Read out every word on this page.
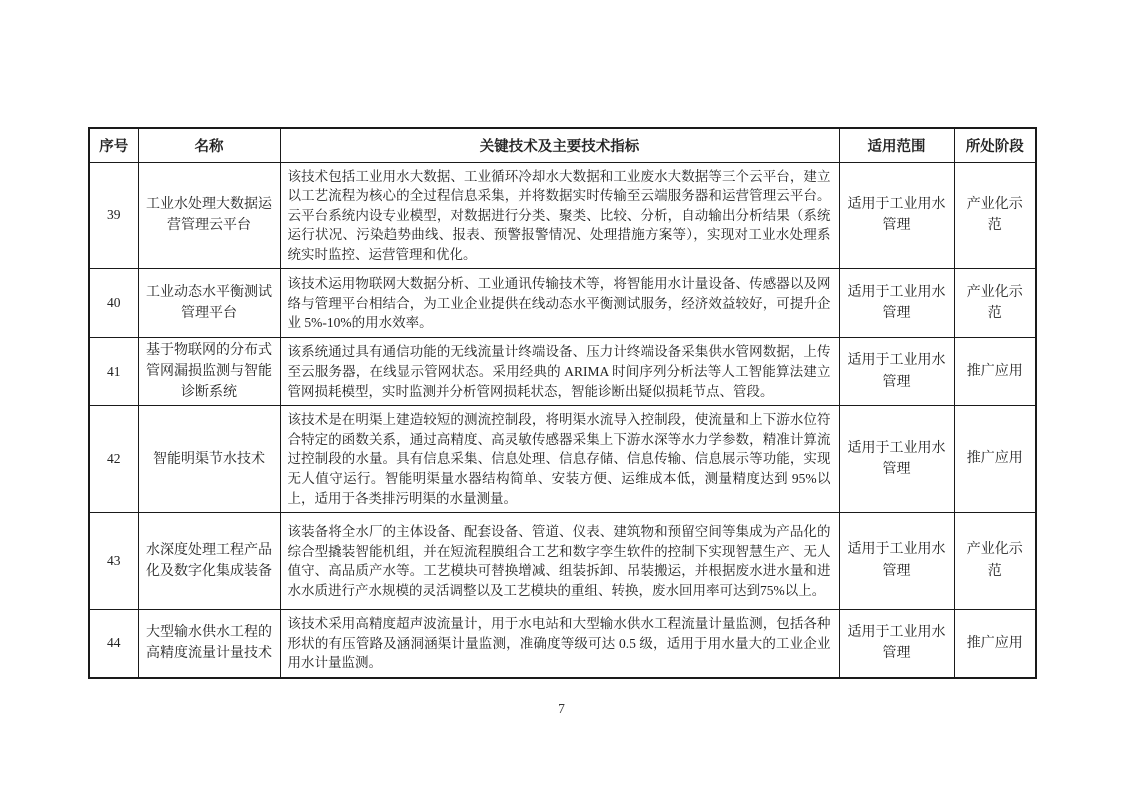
序号	名称	关键技术及主要技术指标	适用范围	所处阶段
39	工业水处理大数据运营管理云平台	该技术包括工业用水大数据、工业循环冷却水大数据和工业废水大数据等三个云平台，建立以工艺流程为核心的全过程信息采集，并将数据实时传输至云端服务器和运营管理云平台。云平台系统内设专业模型，对数据进行分类、聚类、比较、分析，自动输出分析结果（系统运行状况、污染趋势曲线、报表、预警报警情况、处理措施方案等），实现对工业水处理系统实时监控、运营管理和优化。	适用于工业用水管理	产业化示范
40	工业动态水平衡测试管理平台	该技术运用物联网大数据分析、工业通讯传输技术等，将智能用水计量设备、传感器以及网络与管理平台相结合，为工业企业提供在线动态水平衡测试服务，经济效益较好，可提升企业 5%-10%的用水效率。	适用于工业用水管理	产业化示范
41	基于物联网的分布式管网漏损监测与智能诊断系统	该系统通过具有通信功能的无线流量计终端设备、压力计终端设备采集供水管网数据，上传至云服务器，在线显示管网状态。采用经典的 ARIMA 时间序列分析法等人工智能算法建立管网损耗模型，实时监测并分析管网损耗状态，智能诊断出疑似损耗节点、管段。	适用于工业用水管理	推广应用
42	智能明渠节水技术	该技术是在明渠上建造较短的测流控制段，将明渠水流导入控制段，使流量和上下游水位符合特定的函数关系，通过高精度、高灵敏传感器采集上下游水深等水力学参数，精准计算流过控制段的水量。具有信息采集、信息处理、信息存储、信息传输、信息展示等功能，实现无人值守运行。智能明渠量水器结构简单、安装方便、运维成本低，测量精度达到 95%以上，适用于各类排污明渠的水量测量。	适用于工业用水管理	推广应用
43	水深度处理工程产品化及数字化集成装备	该装备将全水厂的主体设备、配套设备、管道、仪表、建筑物和预留空间等集成为产品化的综合型撬装智能机组，并在短流程膜组合工艺和数字孪生软件的控制下实现智慧生产、无人值守、高品质产水等。工艺模块可替换增减、组装拆卸、吊装搬运，并根据废水进水量和进水水质进行产水规模的灵活调整以及工艺模块的重组、转换，废水回用率可达到75%以上。	适用于工业用水管理	产业化示范
44	大型输水供水工程的高精度流量计量技术	该技术采用高精度超声波流量计，用于水电站和大型输水供水工程流量计量监测，包括各种形状的有压管路及涵洞涵渠计量监测，准确度等级可达 0.5 级，适用于用水量大的工业企业用水计量监测。	适用于工业用水管理	推广应用
7
